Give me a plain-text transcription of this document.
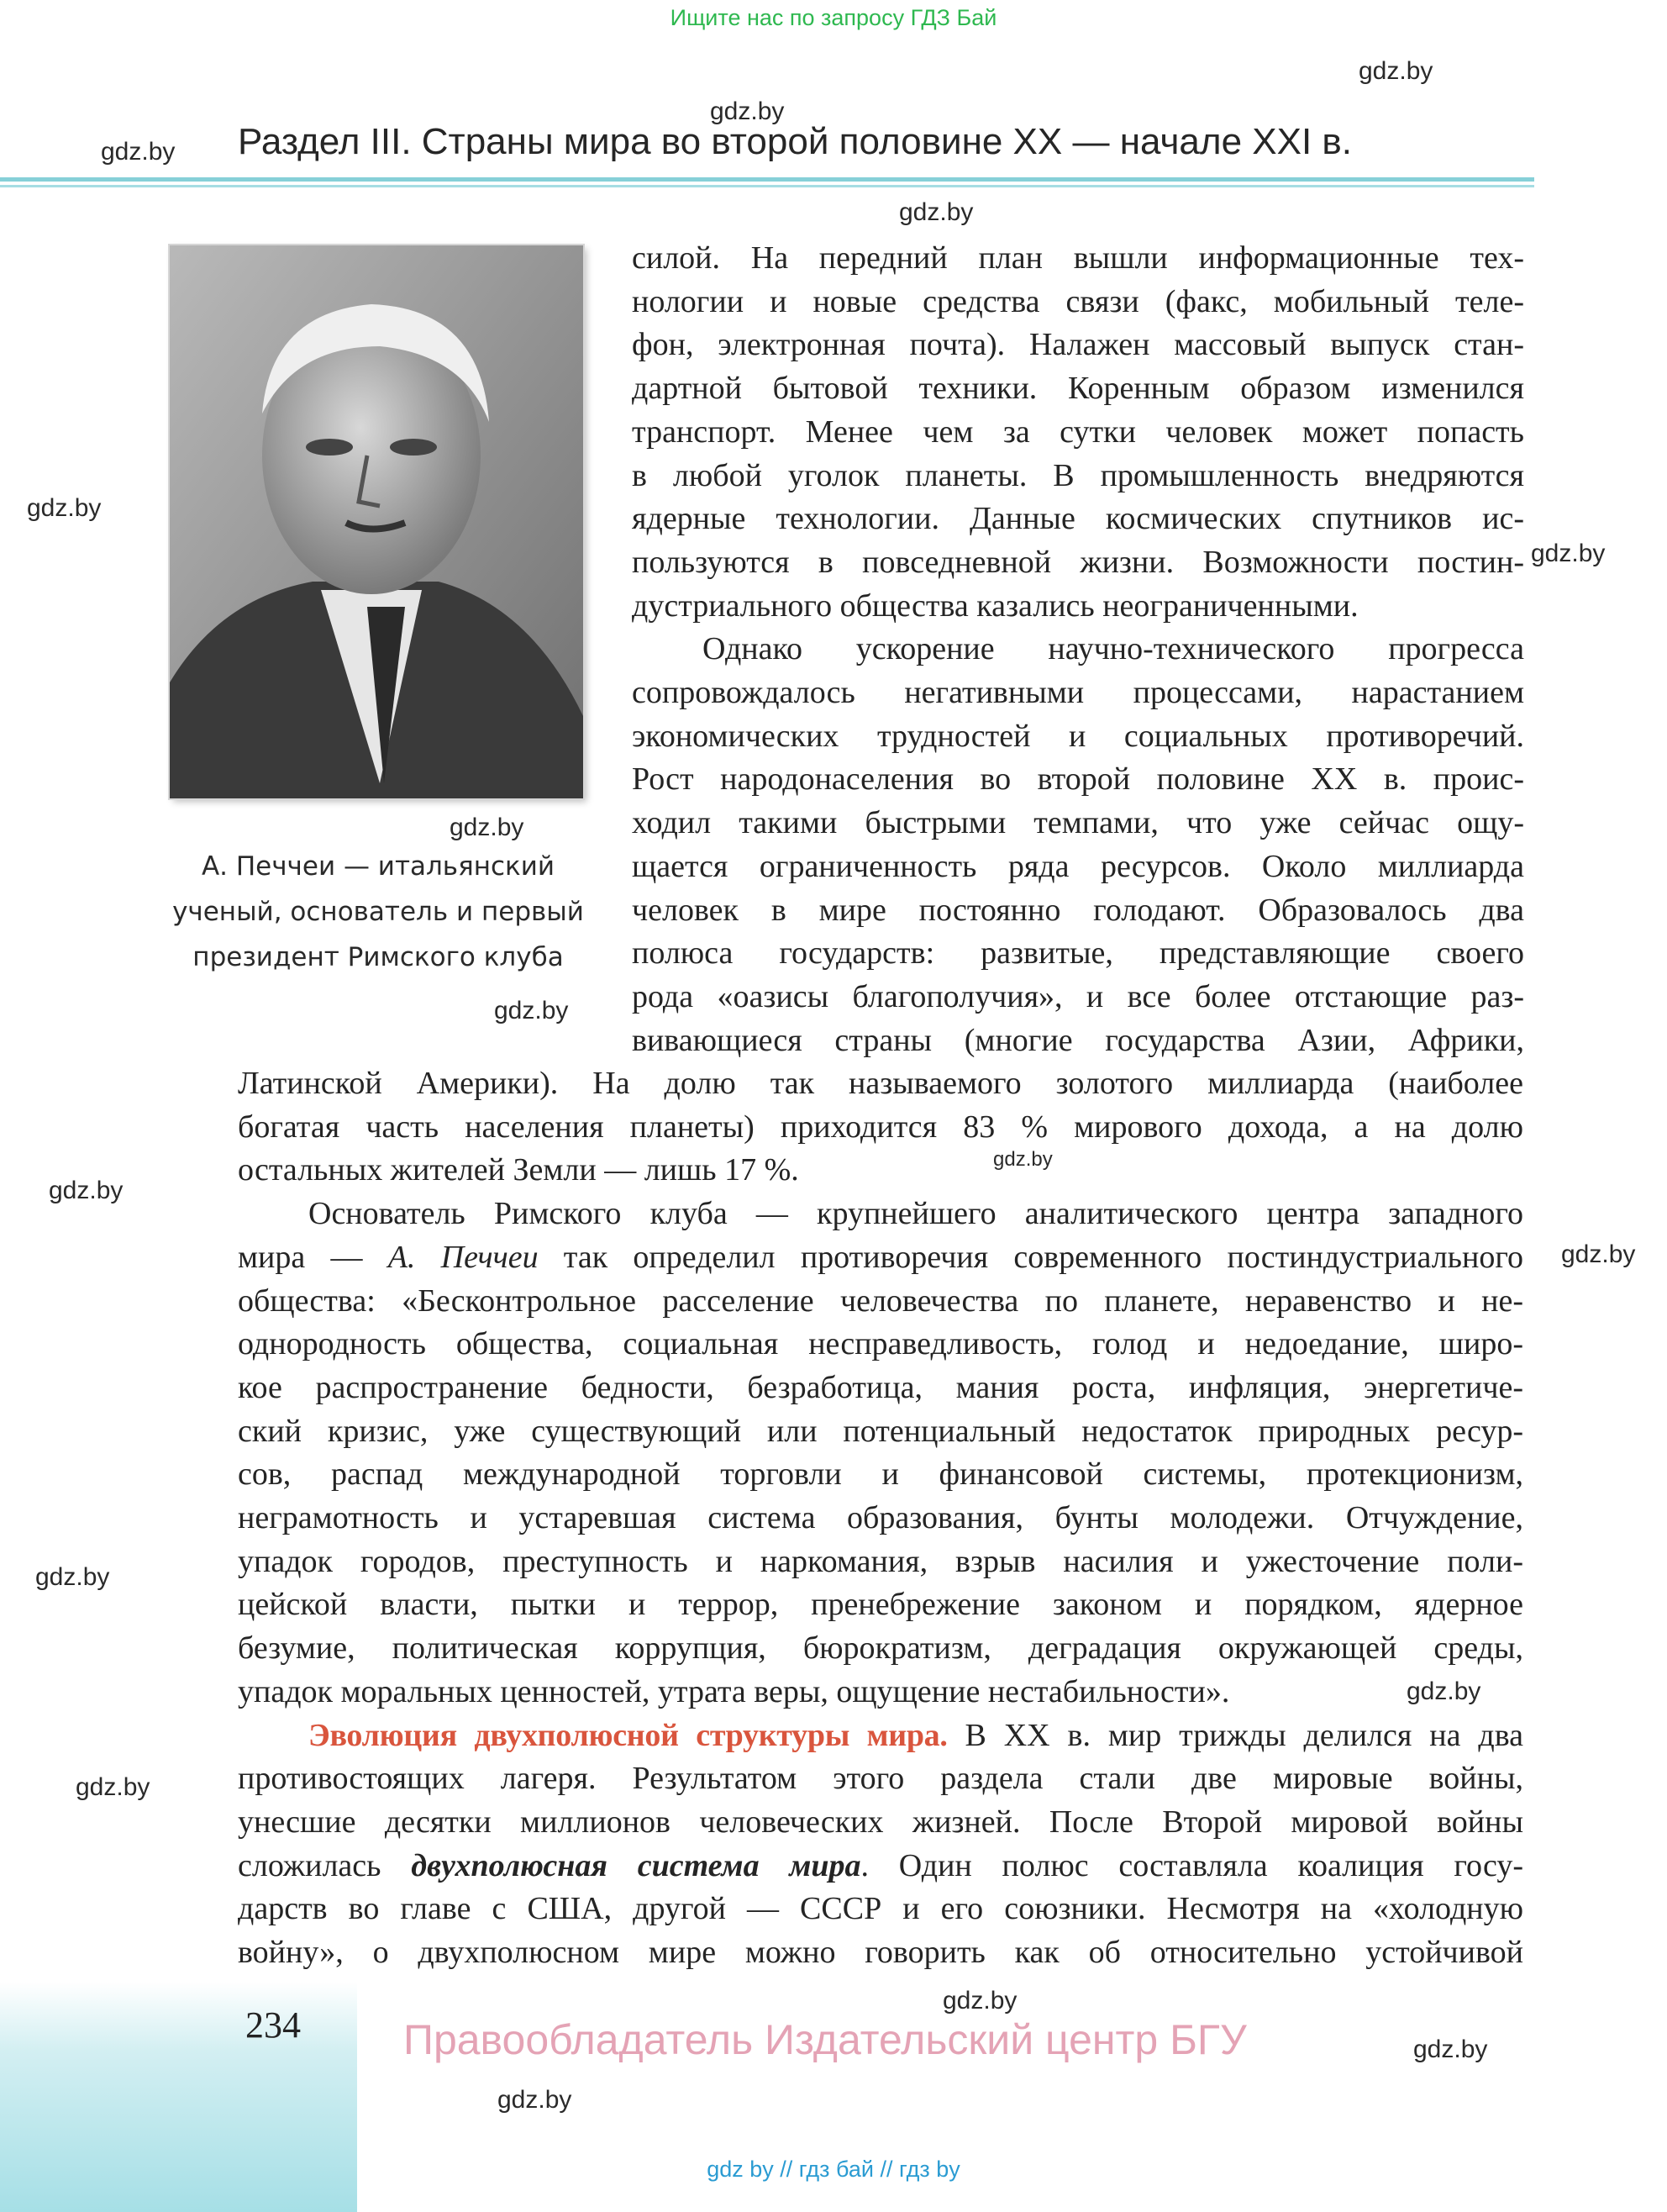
Ищите нас по запросу ГДЗ Бай
gdz.by
gdz.by
gdz.by
gdz.by
gdz.by
gdz.by
gdz.by
gdz.by
gdz.by
gdz.by
gdz.by
gdz.by
gdz.by
gdz.by
gdz.by
gdz.by
gdz.by
Раздел III. Страны мира во второй половине XX — начале XXI в.
А. Печчеи — итальянский
ученый, основатель и первый
президент Римского клуба
силой. На передний план вышли информационные тех-
нологии и новые средства связи (факс, мобильный теле-
фон, электронная почта). Налажен массовый выпуск стан-
дартной бытовой техники. Коренным образом изменился
транспорт. Менее чем за сутки человек может попасть
в любой уголок планеты. В промышленность внедряются
ядерные технологии. Данные космических спутников ис-
пользуются в повседневной жизни. Возможности постин-
дустриального общества казались неограниченными.
Однако ускорение научно-технического прогресса
сопровождалось негативными процессами, нарастанием
экономических трудностей и социальных противоречий.
Рост народонаселения во второй половине XX в. проис-
ходил такими быстрыми темпами, что уже сейчас ощу-
щается ограниченность ряда ресурсов. Около миллиарда
человек в мире постоянно голодают. Образовалось два
полюса государств: развитые, представляющие своего
рода «оазисы благополучия», и все более отстающие раз-
вивающиеся страны (многие государства Азии, Африки,
Латинской Америки). На долю так называемого золотого миллиарда (наиболее
богатая часть населения планеты) приходится 83 % мирового дохода, а на долю
остальных жителей Земли — лишь 17 %.
Основатель Римского клуба — крупнейшего аналитического центра западного
мира — А. Печчеи так определил противоречия современного постиндустриального
общества: «Бесконтрольное расселение человечества по планете, неравенство и не-
однородность общества, социальная несправедливость, голод и недоедание, широ-
кое распространение бедности, безработица, мания роста, инфляция, энергетиче-
ский кризис, уже существующий или потенциальный недостаток природных ресур-
сов, распад международной торговли и финансовой системы, протекционизм,
неграмотность и устаревшая система образования, бунты молодежи. Отчуждение,
упадок городов, преступность и наркомания, взрыв насилия и ужесточение поли-
цейской власти, пытки и террор, пренебрежение законом и порядком, ядерное
безумие, политическая коррупция, бюрократизм, деградация окружающей среды,
упадок моральных ценностей, утрата веры, ощущение нестабильности».
Эволюция двухполюсной структуры мира. В XX в. мир трижды делился на два
противостоящих лагеря. Результатом этого раздела стали две мировые войны,
унесшие десятки миллионов человеческих жизней. После Второй мировой войны
сложилась двухполюсная система мира. Один полюс составляла коалиция госу-
дарств во главе с США, другой — СССР и его союзники. Несмотря на «холодную
войну», о двухполюсном мире можно говорить как об относительно устойчивой
234 Правообладатель Издательский центр БГУ
gdz by // гдз бай // гдз by
